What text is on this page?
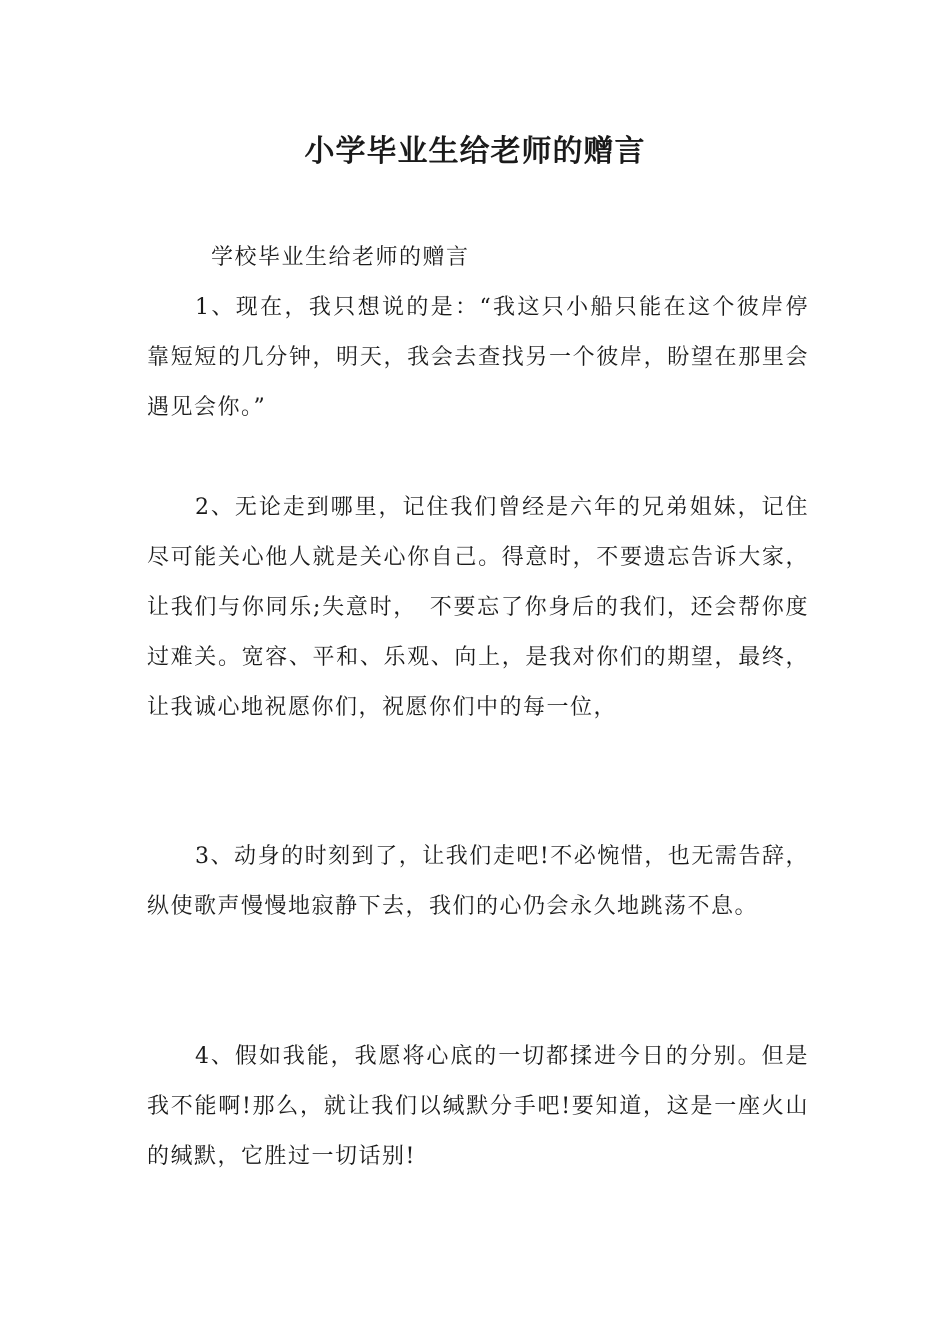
小学毕业生给老师的赠言
学校毕业生给老师的赠言
1、现在，我只想说的是：“我这只小船只能在这个彼岸停靠短短的几分钟，明天，我会去查找另一个彼岸，盼望在那里会遇见会你。”
2、无论走到哪里，记住我们曾经是六年的兄弟姐妹，记住尽可能关心他人就是关心你自己。得意时，不要遗忘告诉大家，让我们与你同乐;失意时，　不要忘了你身后的我们，还会帮你度过难关。宽容、平和、乐观、向上，是我对你们的期望，最终，让我诚心地祝愿你们，祝愿你们中的每一位，
3、动身的时刻到了，让我们走吧!不必惋惜，也无需告辞，纵使歌声慢慢地寂静下去，我们的心仍会永久地跳荡不息。
4、假如我能，我愿将心底的一切都揉进今日的分别。但是我不能啊!那么，就让我们以缄默分手吧!要知道，这是一座火山的缄默，它胜过一切话别!
